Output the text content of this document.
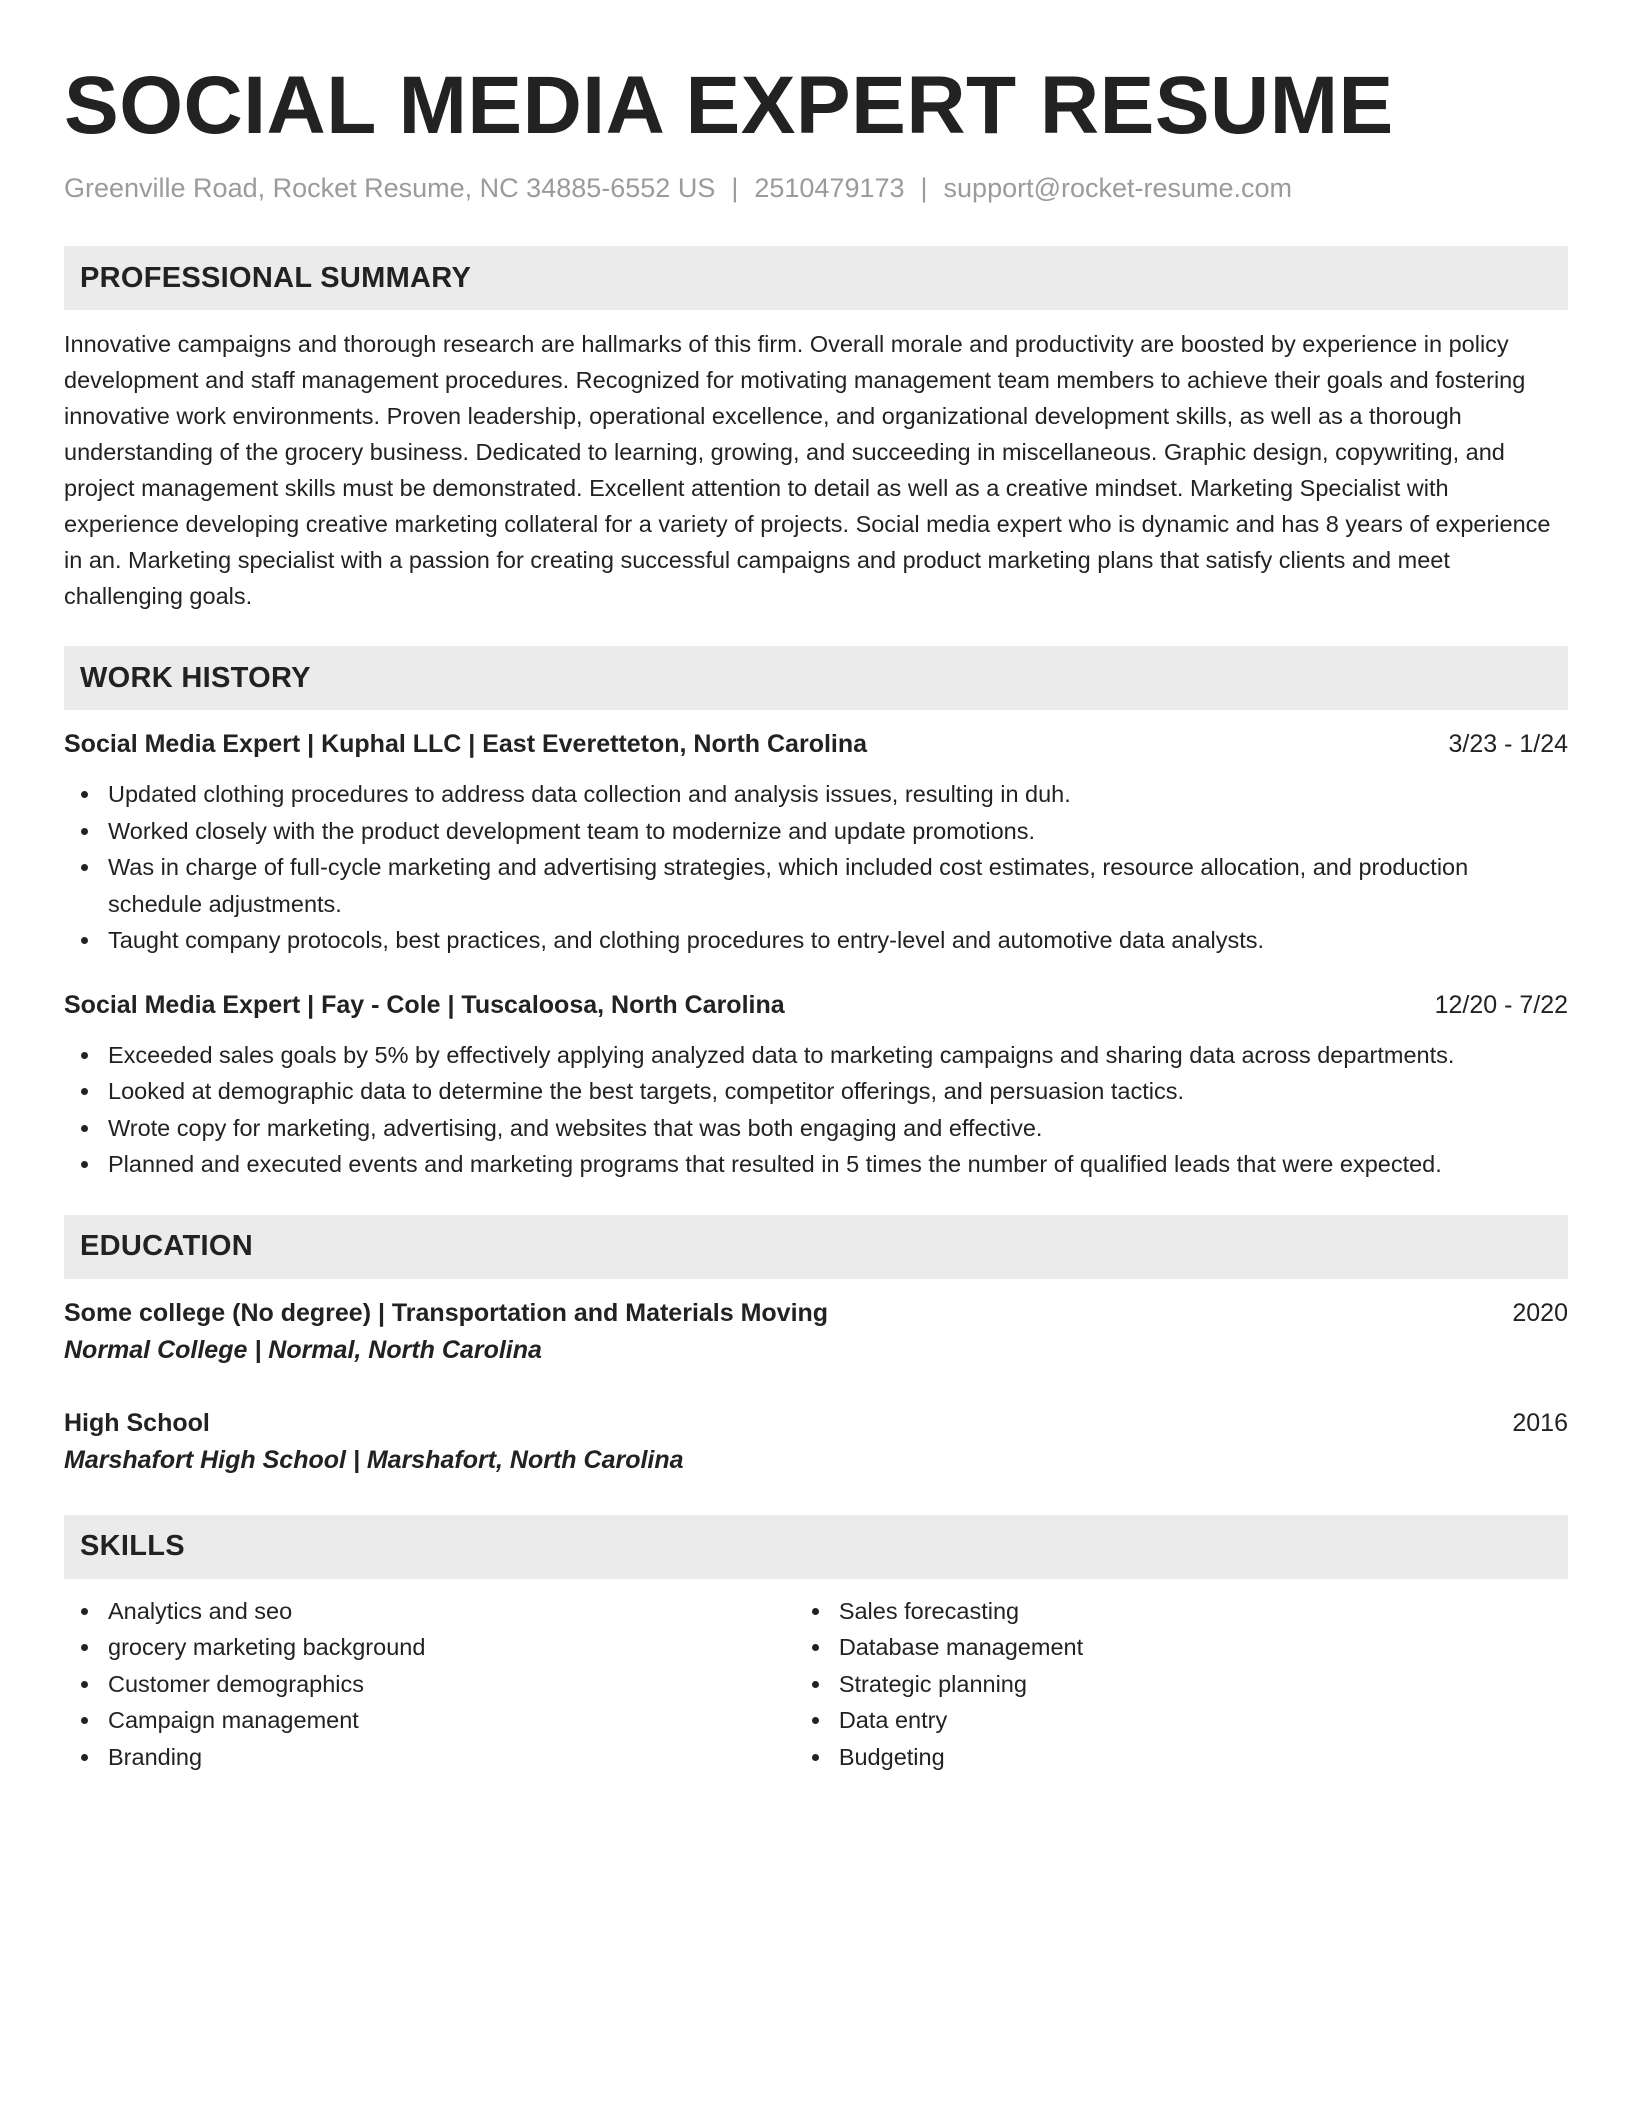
SOCIAL MEDIA EXPERT RESUME
Greenville Road, Rocket Resume, NC 34885-6552 US | 2510479173 | support@rocket-resume.com
PROFESSIONAL SUMMARY
Innovative campaigns and thorough research are hallmarks of this firm. Overall morale and productivity are boosted by experience in policy development and staff management procedures. Recognized for motivating management team members to achieve their goals and fostering innovative work environments. Proven leadership, operational excellence, and organizational development skills, as well as a thorough understanding of the grocery business. Dedicated to learning, growing, and succeeding in miscellaneous. Graphic design, copywriting, and project management skills must be demonstrated. Excellent attention to detail as well as a creative mindset. Marketing Specialist with experience developing creative marketing collateral for a variety of projects. Social media expert who is dynamic and has 8 years of experience in an. Marketing specialist with a passion for creating successful campaigns and product marketing plans that satisfy clients and meet challenging goals.
WORK HISTORY
Social Media Expert | Kuphal LLC | East Everetteton, North Carolina	3/23 - 1/24
Updated clothing procedures to address data collection and analysis issues, resulting in duh.
Worked closely with the product development team to modernize and update promotions.
Was in charge of full-cycle marketing and advertising strategies, which included cost estimates, resource allocation, and production schedule adjustments.
Taught company protocols, best practices, and clothing procedures to entry-level and automotive data analysts.
Social Media Expert | Fay - Cole | Tuscaloosa, North Carolina	12/20 - 7/22
Exceeded sales goals by 5% by effectively applying analyzed data to marketing campaigns and sharing data across departments.
Looked at demographic data to determine the best targets, competitor offerings, and persuasion tactics.
Wrote copy for marketing, advertising, and websites that was both engaging and effective.
Planned and executed events and marketing programs that resulted in 5 times the number of qualified leads that were expected.
EDUCATION
Some college (No degree) | Transportation and Materials Moving	2020
Normal College | Normal, North Carolina
High School	2016
Marshafort High School | Marshafort, North Carolina
SKILLS
Analytics and seo
grocery marketing background
Customer demographics
Campaign management
Branding
Sales forecasting
Database management
Strategic planning
Data entry
Budgeting
